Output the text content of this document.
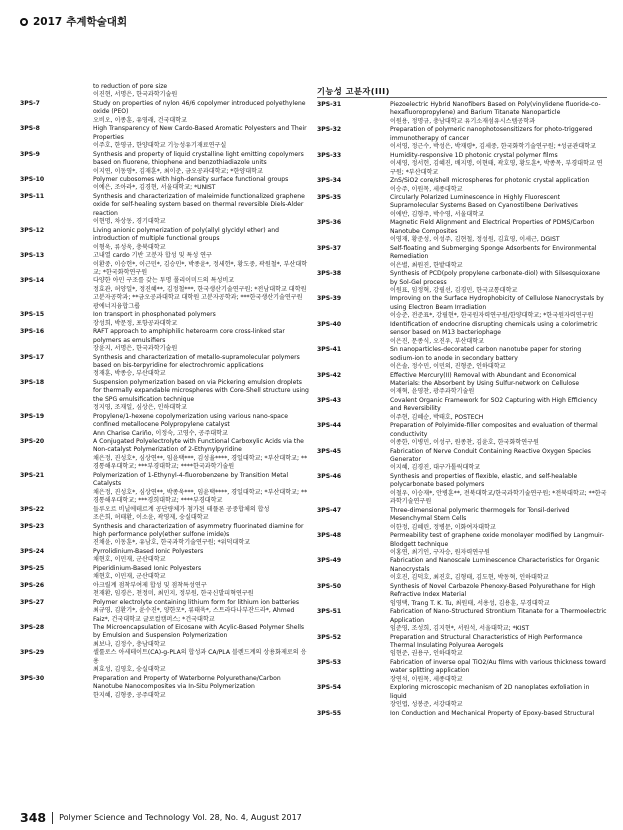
2017 추계학술대회
기능성 고분자(III)
to reduction of pore size
이진현, 서명은, 한국과학기술원
3PS-7	Study on properties of nylon 46/6 copolymer introduced polyethylene oxide (PEO)
오비오, 이종훈, 유영래, 건국대학교
3PS-8	High Transparency of New Cardo-Based Aromatic Polyesters and Their Properties
이주호, 한영규, 한양대학교 기능성유기재료연구실
3PS-9	Synthesis and property of liquid crystalline light emitting copolymers based on fluorene, thiophene and benzothiadiazole units
이지연, 이동영*, 김재훈*, 최이준, 금오공과대학교; *한양대학교
3PS-10	Polymer cubosomes with high-density surface functional groups
이예은, 조아라*, 김경현, 서울대학교; *UNIST
3PS-11	Synthesis and characterization of maleimide functionalized graphene oxide for self-healing system based on thermal reversible Diels-Alder reaction
이현명, 차상동, 경기대학교
3PS-12	Living anionic polymerization of poly(allyl glycidyl ether) and introduction of multiple functional groups
이형욱, 류성욱, 충북대학교
3PS-13	고내열 cardo 기반 고분자 합성 및 특성 연구
이환중, 이승헌*, 이근민*, 김승민*, 박종윤*, 정세헌*, 황도중, 곽원철*, 부산대학교; *한국화학연구원
3PS-14	다양한 아민 구조를 갖는 투명 폴리이미드의 특성비교
정효관, 허양일*, 정진혜**, 김정철***, 한국생산기술연구원; *전남대학교 대학원 고분자공학과; **금오공과대학교 대학원 고분자공학과; ***한국생산기술연구원 광에너지융합그룹
3PS-15	Ion transport in phosphonated polymers
장성희, 박문정, 포항공과대학교
3PS-16	RAFT approach to amphiphilic heteroarm core cross-linked star polymers as emulsifiers
장윤지, 서명은, 한국과학기술원
3PS-17	Synthesis and characterization of metallo-supramolecular polymers based on bis-terpyridine for electrochromic applications
정재훈, 박종승, 부산대학교
3PS-18	Suspension polymerization based on via Pickering emulsion droplets for thermally expandable microspheres with Core-Shell structure using the SPG emulsification technique
정지영, 조재일, 심상은, 인하대학교
3PS-19	Propylene/1-hexene copolymerization using various nano-space confined metallocene Polypropylene catalyst
Ann Charise Cariño, 이정숙, 고영수, 공주대학교
3PS-20	A Conjugated Polyelectrolyte with Functional Carboxylic Acids via the Non-catalyst Polymerization of 2-Ethynylpyridine
채은정, 진성호*, 심상연**, 임윤택***, 김성율****, 경일대학교; *부산대학교; **경통해우대학교; ***부경대학교; ****한국과학기술원
3PS-21	Polymerization of 1-Ethynyl-4-fluorobenzene by Transition Metal Catalysts
채은정, 진성호*, 심상연**, 박종욱***, 임윤택****, 경일대학교; *부산대학교; **경통해우대학교; ***경희대학교; ****부경대학교
3PS-22	들루오르 비닐에테르계 공단량체가 첨가된 테플론 공중합체의 합성
조은희, 허태환, 이소윤, 곽영제, 숭실대학교
3PS-23	Synthesis and characterization of asymmetry fluorinated diamine for high performance poly(ether sulfone imide)s
진채윤, 이동훈*, 유남호, 한국과학기술연구원; *위덕대학교
3PS-24	Pyrrolidinium-Based Ionic Polyesters
채현호, 이민재, 군산대학교
3PS-25	Piperidinium-Based Ionic Polyesters
채현호, 이민재, 군산대학교
3PS-26	아크릴계 점착부여제 합성 및 점착특성연구
천재환, 임경은, 천정미, 최민지, 정부원, 한국신발피혁연구원
3PS-27	Polymer electrolyte containing lithium form for lithium ion batteries
최규영, 김환기*, 윤수진*, 양한모*, 류태욱*, 스트라다나부잔드라*, Ahmed Faiz*, 건국대학교 글로컬캠퍼스; *건국대학교
3PS-28	The Microencapsulation of Eicosane with Acylic-Based Polymer Shells by Emulsion and Suspension Polymerization
최보나, 김정수, 충남대학교
3PS-29	셀룰로스 아세테이트(CA)-g-PLA의 합성과 CA/PLA 블렌드계의 상용화제로의 응용
최효성, 김영호, 숭실대학교
3PS-30	Preparation and Property of Waterborne Polyurethane/Carbon Nanotube Nanocomposites via In-Situ Polymerization
한지혜, 김형중, 공주대학교
3PS-31	Piezoelectric Hybrid Nanofibers Based on Poly(vinylidene fluoride-co-hexafluoropropylene) and Barium Titanate Nanoparticle
이원용, 정명규, 충남대학교 유기소재섬유시스템공학과
3PS-32	Preparation of polymeric nanophotosensitizers for photo-triggered immunotherapy of cancer
이서영, 정근수, 박성은, 박재령*, 김세중, 한국화학기술연구원; *성균관대학교
3PS-33	Humidity-responsive 1D photonic crystal polymer films
이세영, 정서헌, 김혜진, 배지명, 이현태, 곽호영, 황도훈*, 박종목, 부경대학교 연구원; *부산대학교
3PS-34	ZnS/SiO2 core/shell microspheres for photonic crystal application
이승주, 이원목, 세종대학교
3PS-35	Circularly Polarized Luminescence in Highly Fluorescent Supramolecular Systems Based on Cyanostilbene Derivatives
이에반, 김형주, 박수영, 서울대학교
3PS-36	Magnetic Field Alignment and Electrical Properties of PDMS/Carbon Nanotube Composites
이영재, 황준성, 이성주, 김현철, 정성원, 김효영, 이세근, DGIST
3PS-37	Self-floating and Submerging Sponge Adsorbents for Environmental Remediation
이은별, 최원진, 한밭대학교
3PS-38	Synthesis of PCD(poly propylene carbonate-diol) with Silsesquioxane by Sol-Gel process
이원표, 임정혁, 강필선, 김경민, 한국교통대학교
3PS-39	Improving on the Surface Hydrophobicity of Cellulose Nanocrystals by using Electron Beam Irradiation
이승준, 전준표*, 강필현*, 한국원자력연구원/한양대학교; *한국원자력연구원
3PS-40	Identification of endocrine disrupting chemicals using a colorimetric sensor based on M13 bacteriophage
이은진, 문종식, 오진우, 부산대학교
3PS-41	Sn nanoparticles-decorated carbon nanotube paper for storing sodium-ion to anode in secondary battery
이은솔, 정수민, 이민의, 진형준, 인하대학교
3PS-42	Effective Mercury(II) Removal with Abundant and Economical Materials: the Absorbent by Using Sulfur-network on Cellulose
이재혁, 윤영찬, 광주과학기술원
3PS-43	Covalent Organic Framework for SO2 Capturing with High Efficiency and Reversibility
이주현, 김혜순, 박태호, POSTECH
3PS-44	Preparation of Polyimide-filler composites and evaluation of thermal conductivity
이종한, 이병민, 이성구, 원종찬, 김윤호, 한국화학연구원
3PS-45	Fabrication of Nerve Conduit Containing Reactive Oxygen Species Generator
이지혜, 김경진, 대구가톨릭대학교
3PS-46	Synthesis and properties of flexible, elastic, and self-healable polycarbonate based polymers
이철우, 이승재*, 안병훈**, 전북대학교/한국과학기술연구원; *전북대학교; **한국과학기술연구원
3PS-47	Three-dimensional polymeric thermogels for Tonsil-derived Mesenchymal Stem Cells
이한정, 김혜린, 정병문, 이화여자대학교
3PS-48	Permeability test of graphene oxide monolayer modified by Langmuir-Blodgett technique
이홍연, 최기인, 구자승, 원자력연구원
3PS-49	Fabrication and Nanoscale Luminescence Characteristics for Organic Nanocrystals
이호진, 김덕호, 최진호, 김형태, 김도현, 박동혁, 인하대학교
3PS-50	Synthesis of Novel Carbazole Phenoxy-Based Polyurethane for High Refractive Index Material
임영택, Trang T. K. Tu, 최원태, 서용성, 김용훈, 부경대학교
3PS-51	Fabrication of Nano-Structured Strontium Titanate for a Thermoelectric Application
임준영, 조성희, 김지현*, 서원석, 서울대학교; *KIST
3PS-52	Preparation and Structural Characteristics of High Performance Thermal Insulating Polyurea Aerogels
임현준, 권용구, 인하대학교
3PS-53	Fabrication of inverse opal TiO2/Au films with various thickness toward water splitting application
장연석, 이원목, 세종대학교
3PS-54	Exploring microscopic mechanism of 2D nanoplates exfoliation in liquid
장인엽, 성봉준, 서강대학교
3PS-55	Ion Conduction and Mechanical Property of Epoxy-based Structural
348 Polymer Science and Technology Vol. 28, No. 4, August 2017
